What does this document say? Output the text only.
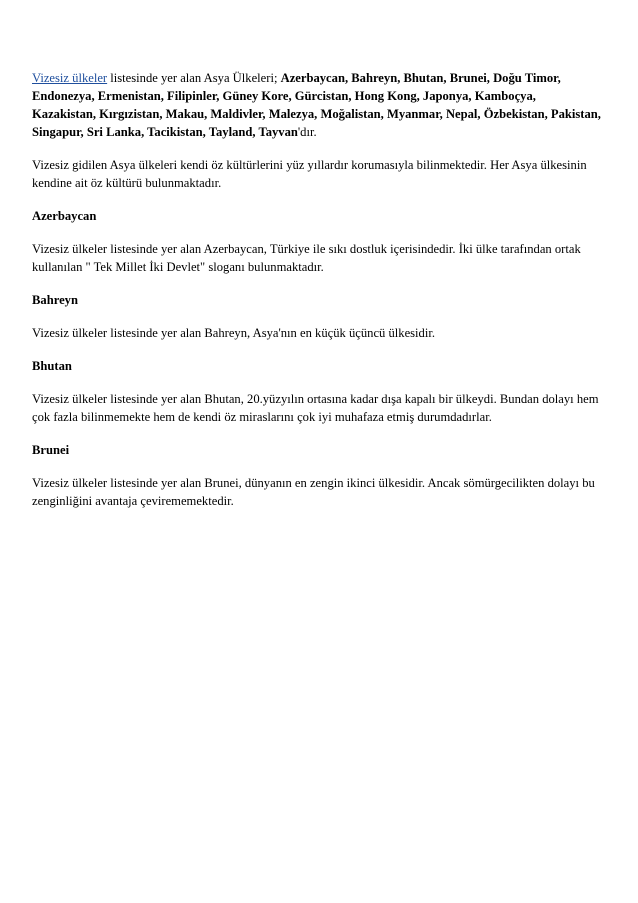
Vizesiz ülkeler listesinde yer alan Asya Ülkeleri; Azerbaycan, Bahreyn, Bhutan, Brunei, Doğu Timor, Endonezya, Ermenistan, Filipinler, Güney Kore, Gürcistan, Hong Kong, Japonya, Kamboçya, Kazakistan, Kırgızistan, Makau, Maldivler, Malezya, Moğalistan, Myanmar, Nepal, Özbekistan, Pakistan, Singapur, Sri Lanka, Tacikistan, Tayland, Tayvan'dır.

Vizesiz gidilen Asya ülkeleri kendi öz kültürlerini yüz yıllardır korumasıyla bilinmektedir. Her Asya ülkesinin kendine ait öz kültürü bulunmaktadır.

Azerbaycan

Vizesiz ülkeler listesinde yer alan Azerbaycan, Türkiye ile sıkı dostluk içerisindedir. İki ülke tarafından ortak kullanılan " Tek Millet İki Devlet" sloganı bulunmaktadır.

Bahreyn

Vizesiz ülkeler listesinde yer alan Bahreyn, Asya'nın en küçük üçüncü ülkesidir.

Bhutan

Vizesiz ülkeler listesinde yer alan Bhutan, 20.yüzyılın ortasına kadar dışa kapalı bir ülkeydi. Bundan dolayı hem çok fazla bilinmemekte hem de kendi öz miraslarını çok iyi muhafaza etmiş durumdadırlar.

Brunei

Vizesiz ülkeler listesinde yer alan Brunei, dünyanın en zengin ikinci ülkesidir. Ancak sömürgecilikten dolayı bu zenginliğini avantaja çevirememektedir.
